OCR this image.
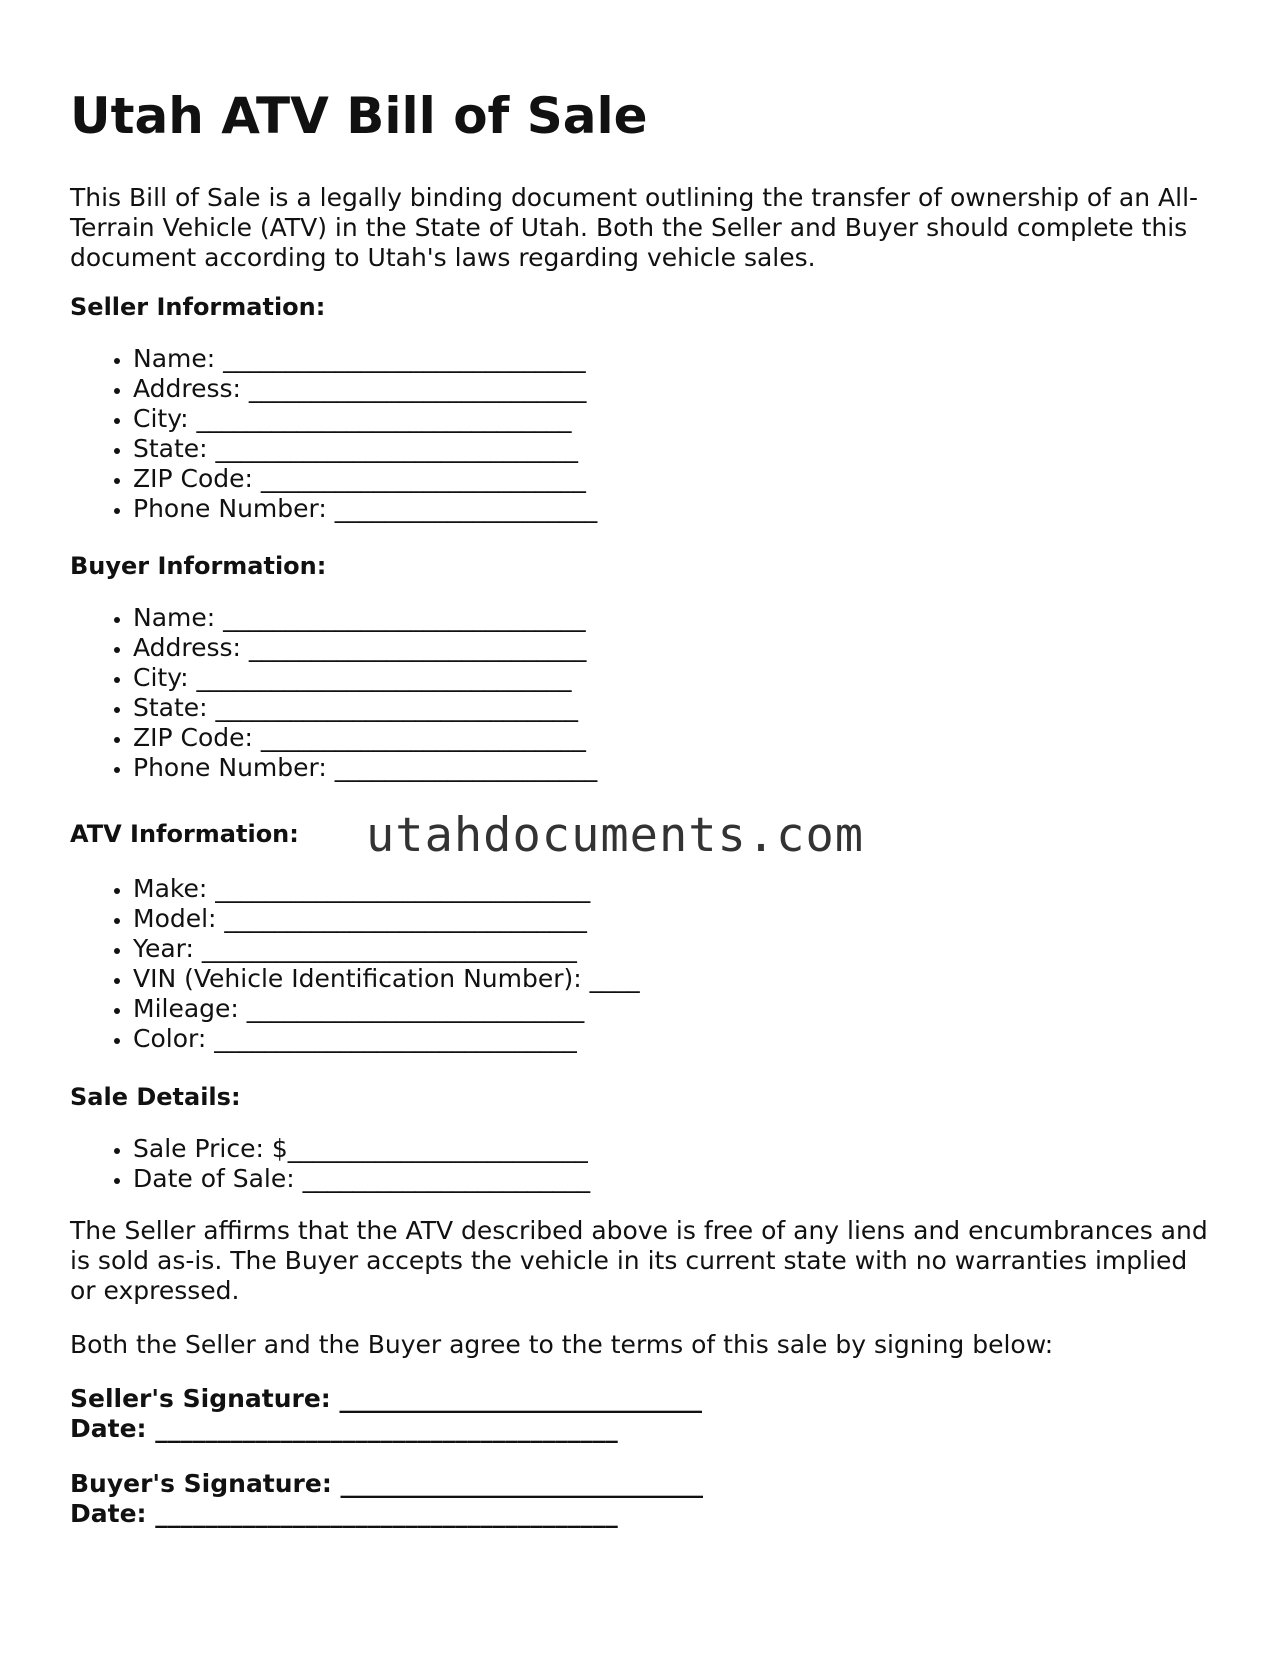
Utah ATV Bill of Sale

This Bill of Sale is a legally binding document outlining the transfer of ownership of an All-Terrain Vehicle (ATV) in the State of Utah. Both the Seller and Buyer should complete this document according to Utah's laws regarding vehicle sales.

Seller Information:

• Name: _____________________________
• Address: ___________________________
• City: ______________________________
• State: _____________________________
• ZIP Code: __________________________
• Phone Number: _____________________

Buyer Information:

• Name: _____________________________
• Address: ___________________________
• City: ______________________________
• State: _____________________________
• ZIP Code: __________________________
• Phone Number: _____________________

ATV Information:

• Make: ______________________________
• Model: _____________________________
• Year: ______________________________
• VIN (Vehicle Identification Number): ____
• Mileage: ___________________________
• Color: _____________________________

Sale Details:

• Sale Price: $________________________
• Date of Sale: _______________________

The Seller affirms that the ATV described above is free of any liens and encumbrances and is sold as-is. The Buyer accepts the vehicle in its current state with no warranties implied or expressed.

Both the Seller and the Buyer agree to the terms of this sale by signing below:

Seller's Signature: _____________________________

Date: _____________________________________

Buyer's Signature: _____________________________

Date: _____________________________________

utahdocuments.com
